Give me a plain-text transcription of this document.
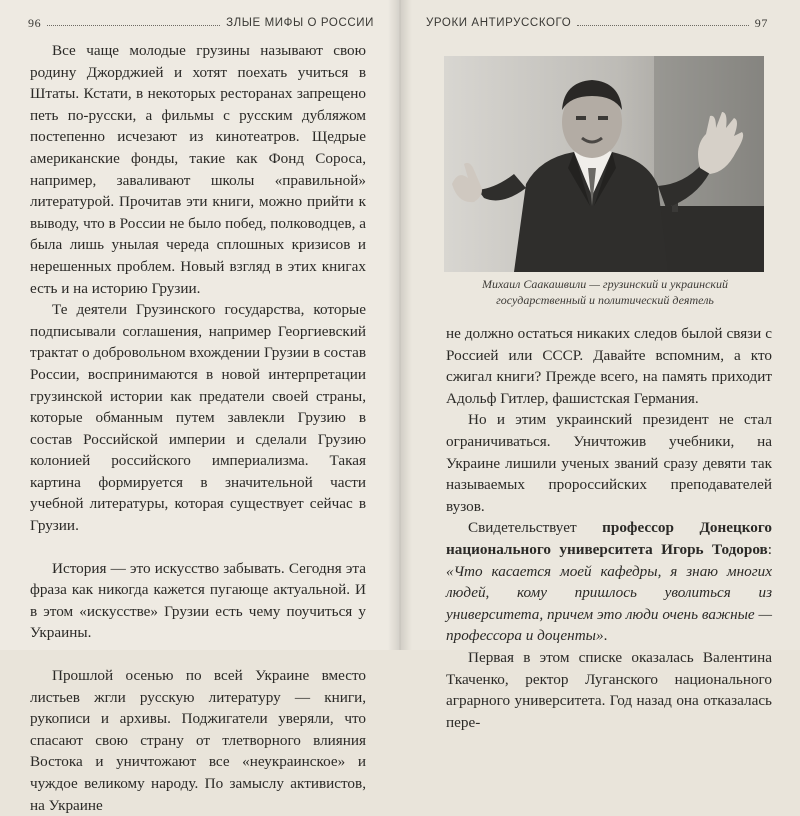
96	ЗЛЫЕ МИФЫ О РОССИИ

Все чаще молодые грузины называют свою родину Джорджией и хотят поехать учиться в Штаты. Кстати, в некоторых ресторанах запрещено петь по-русски, а фильмы с русским дубляжом постепенно исчезают из кинотеатров. Щедрые американские фонды, такие как Фонд Сороса, например, заваливают школы «правильной» литературой. Прочитав эти книги, можно прийти к выводу, что в России не было побед, полководцев, а была лишь унылая череда сплошных кризисов и нерешенных проблем. Новый взгляд в этих книгах есть и на историю Грузии.

Те деятели Грузинского государства, которые подписывали соглашения, например Георгиевский трактат о добровольном вхождении Грузии в состав России, воспринимаются в новой интерпретации грузинской истории как предатели своей страны, которые обманным путем завлекли Грузию в состав Российской империи и сделали Грузию колонией российского империализма. Такая картина формируется в значительной части учебной литературы, которая существует сейчас в Грузии.

История — это искусство забывать. Сегодня эта фраза как никогда кажется пугающе актуальной. И в этом «искусстве» Грузии есть чему поучиться у Украины.

Прошлой осенью по всей Украине вместо листьев жгли русскую литературу — книги, рукописи и архивы. Поджигатели уверяли, что спасают свою страну от тлетворного влияния Востока и уничтожают все «неукраинское» и чуждое великому народу. По замыслу активистов, на Украине

УРОКИ АНТИРУССКОГО	97
Михаил Саакашвили — грузинский и украинский
государственный и политический деятель

не должно остаться никаких следов былой связи с Россией или СССР. Давайте вспомним, а кто сжигал книги? Прежде всего, на память приходит Адольф Гитлер, фашистская Германия.

Но и этим украинский президент не стал ограничиваться. Уничтожив учебники, на Украине лишили ученых званий сразу девяти так называемых пророссийских преподавателей вузов.

Свидетельствует профессор Донецкого национального университета Игорь Тодоров: «Что касается моей кафедры, я знаю многих людей, кому пришлось уволиться из университета, причем это люди очень важные — профессора и доценты».

Первая в этом списке оказалась Валентина Ткаченко, ректор Луганского национального аграрного университета. Год назад она отказалась пере-
